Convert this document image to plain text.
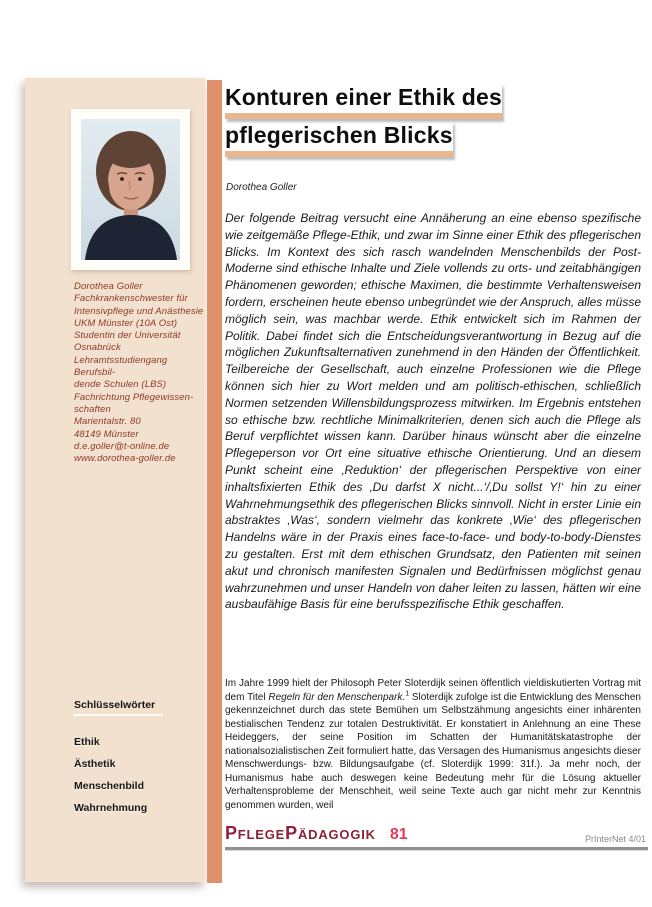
Dorothea Goller
Fachkrankenschwester für
Intensivpflege und Anästhesie
UKM Münster (10A Ost)
Studentin der Universität
Osnabrück
Lehramtsstudiengang Berufsbil-
dende Schulen (LBS)
Fachrichtung Pflegewissen-
schaften
Marientalstr. 80
48149 Münster
d.e.goller@t-online.de
www.dorothea-goller.de
Schlüsselwörter
Ethik
Ästhetik
Menschenbild
Wahrnehmung
Konturen einer Ethik des
pflegerischen Blicks
Dorothea Goller
Der folgende Beitrag versucht eine Annäherung an eine ebenso spezifische wie zeitgemäße Pflege-Ethik, und zwar im Sinne einer Ethik des pflegerischen Blicks. Im Kontext des sich rasch wandelnden Menschenbilds der Post-Moderne sind ethische Inhalte und Ziele vollends zu orts- und zeitabhängigen Phänomenen geworden; ethische Maximen, die bestimmte Verhaltensweisen fordern, erscheinen heute ebenso unbegründet wie der Anspruch, alles müsse möglich sein, was machbar werde. Ethik entwickelt sich im Rahmen der Politik. Dabei findet sich die Entscheidungsverantwortung in Bezug auf die möglichen Zukunftsalternativen zunehmend in den Händen der Öffentlichkeit. Teilbereiche der Gesellschaft, auch einzelne Professionen wie die Pflege können sich hier zu Wort melden und am politisch-ethischen, schließlich Normen setzenden Willensbildungsprozess mitwirken. Im Ergebnis entstehen so ethische bzw. rechtliche Minimalkriterien, denen sich auch die Pflege als Beruf verpflichtet wissen kann. Darüber hinaus wünscht aber die einzelne Pflegeperson vor Ort eine situative ethische Orientierung. Und an diesem Punkt scheint eine ‚Reduktion‘ der pflegerischen Perspektive von einer inhaltsfixierten Ethik des ‚Du darfst X nicht...‘/‚Du sollst Y!‘ hin zu einer Wahrnehmungsethik des pflegerischen Blicks sinnvoll. Nicht in erster Linie ein abstraktes ‚Was‘, sondern vielmehr das konkrete ‚Wie‘ des pflegerischen Handelns wäre in der Praxis eines face-to-face- und body-to-body-Dienstes zu gestalten. Erst mit dem ethischen Grundsatz, den Patienten mit seinen akut und chronisch manifesten Signalen und Bedürfnissen möglichst genau wahrzunehmen und unser Handeln von daher leiten zu lassen, hätten wir eine ausbaufähige Basis für eine berufsspezifische Ethik geschaffen.
Im Jahre 1999 hielt der Philosoph Peter Sloterdijk seinen öffentlich vieldiskutierten Vortrag mit dem Titel Regeln für den Menschenpark.$^1$ Sloterdijk zufolge ist die Entwicklung des Menschen gekennzeichnet durch das stete Bemühen um Selbstzähmung angesichts einer inhärenten bestialischen Tendenz zur totalen Destruktivität. Er konstatiert in Anlehnung an eine These Heideggers, der seine Position im Schatten der Humanitätskatastrophe der nationalsozialistischen Zeit formuliert hatte, das Versagen des Humanismus angesichts dieser Menschwerdungs- bzw. Bildungsaufgabe (cf. Sloterdijk 1999: 31f.). Ja mehr noch, der Humanismus habe auch deswegen keine Bedeutung mehr für die Lösung aktueller Verhaltensprobleme der Menschheit, weil seine Texte auch gar nicht mehr zur Kenntnis genommen wurden, weil
PflegePädagogik 81	PrInterNet 4/01
